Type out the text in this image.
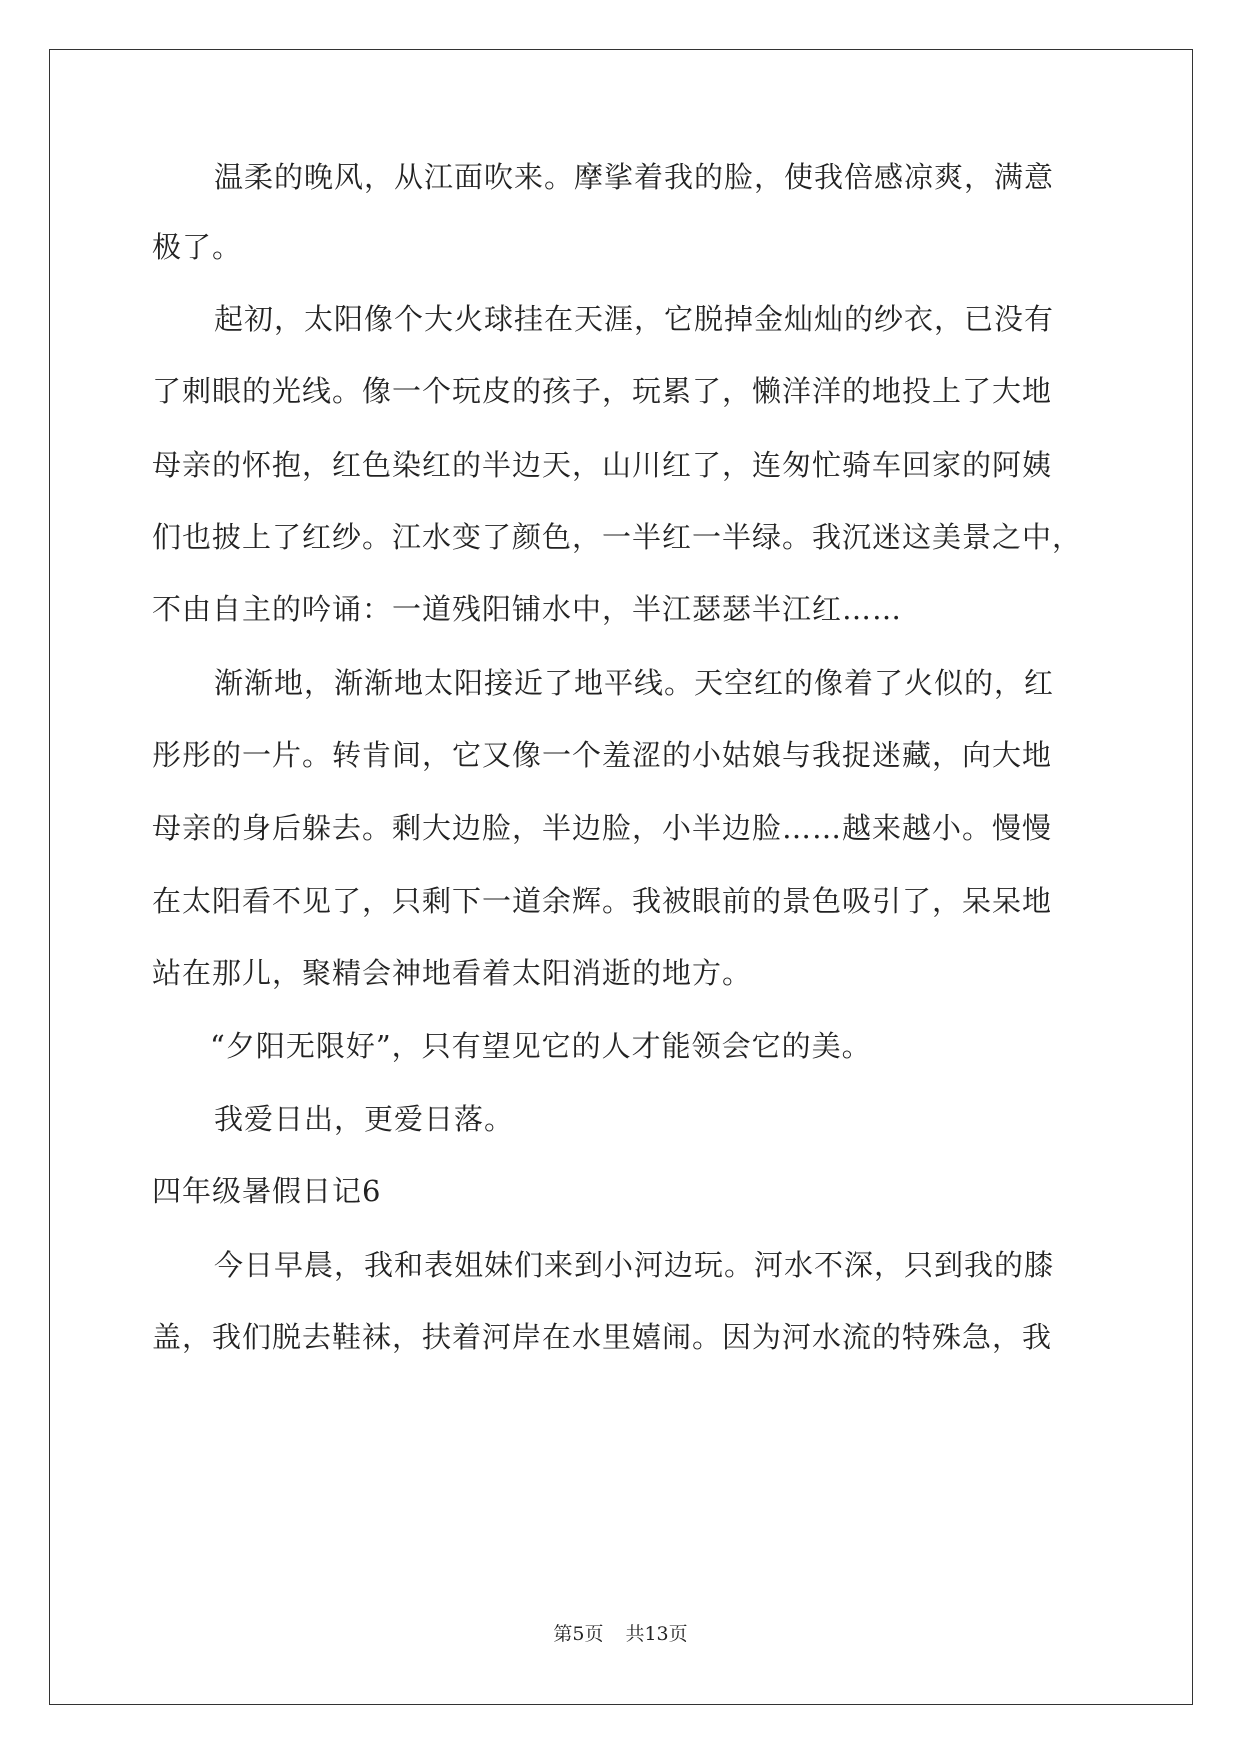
温柔的晚风，从江面吹来。摩挲着我的脸，使我倍感凉爽，满意
极了。
起初，太阳像个大火球挂在天涯，它脱掉金灿灿的纱衣，已没有
了刺眼的光线。像一个玩皮的孩子，玩累了，懒洋洋的地投上了大地
母亲的怀抱，红色染红的半边天，山川红了，连匆忙骑车回家的阿姨
们也披上了红纱。江水变了颜色，一半红一半绿。我沉迷这美景之中，
不由自主的吟诵：一道残阳铺水中，半江瑟瑟半江红……
渐渐地，渐渐地太阳接近了地平线。天空红的像着了火似的，红
彤彤的一片。转肯间，它又像一个羞涩的小姑娘与我捉迷藏，向大地
母亲的身后躲去。剩大边脸，半边脸，小半边脸……越来越小。慢慢
在太阳看不见了，只剩下一道余辉。我被眼前的景色吸引了，呆呆地
站在那儿，聚精会神地看着太阳消逝的地方。
“夕阳无限好”，只有望见它的人才能领会它的美。
我爱日出，更爱日落。
四年级暑假日记6
今日早晨，我和表姐妹们来到小河边玩。河水不深，只到我的膝
盖，我们脱去鞋袜，扶着河岸在水里嬉闹。因为河水流的特殊急，我
第5页 共13页
